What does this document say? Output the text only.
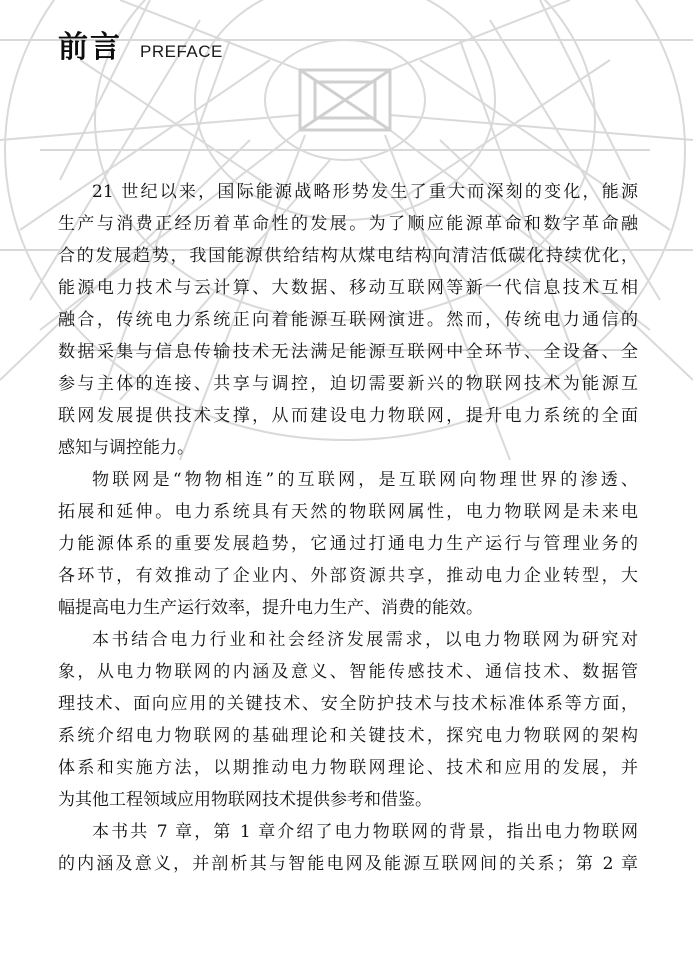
前言 PREFACE
21 世纪以来，国际能源战略形势发生了重大而深刻的变化，能源
生产与消费正经历着革命性的发展。为了顺应能源革命和数字革命融
合的发展趋势，我国能源供给结构从煤电结构向清洁低碳化持续优化，
能源电力技术与云计算、大数据、移动互联网等新一代信息技术互相
融合，传统电力系统正向着能源互联网演进。然而，传统电力通信的
数据采集与信息传输技术无法满足能源互联网中全环节、全设备、全
参与主体的连接、共享与调控，迫切需要新兴的物联网技术为能源互
联网发展提供技术支撑，从而建设电力物联网，提升电力系统的全面
感知与调控能力。
物联网是“物物相连”的互联网，是互联网向物理世界的渗透、
拓展和延伸。电力系统具有天然的物联网属性，电力物联网是未来电
力能源体系的重要发展趋势，它通过打通电力生产运行与管理业务的
各环节，有效推动了企业内、外部资源共享，推动电力企业转型，大
幅提高电力生产运行效率，提升电力生产、消费的能效。
本书结合电力行业和社会经济发展需求，以电力物联网为研究对
象，从电力物联网的内涵及意义、智能传感技术、通信技术、数据管
理技术、面向应用的关键技术、安全防护技术与技术标准体系等方面，
系统介绍电力物联网的基础理论和关键技术，探究电力物联网的架构
体系和实施方法，以期推动电力物联网理论、技术和应用的发展，并
为其他工程领域应用物联网技术提供参考和借鉴。
本书共 7 章，第 1 章介绍了电力物联网的背景，指出电力物联网
的内涵及意义，并剖析其与智能电网及能源互联网间的关系；第 2 章
